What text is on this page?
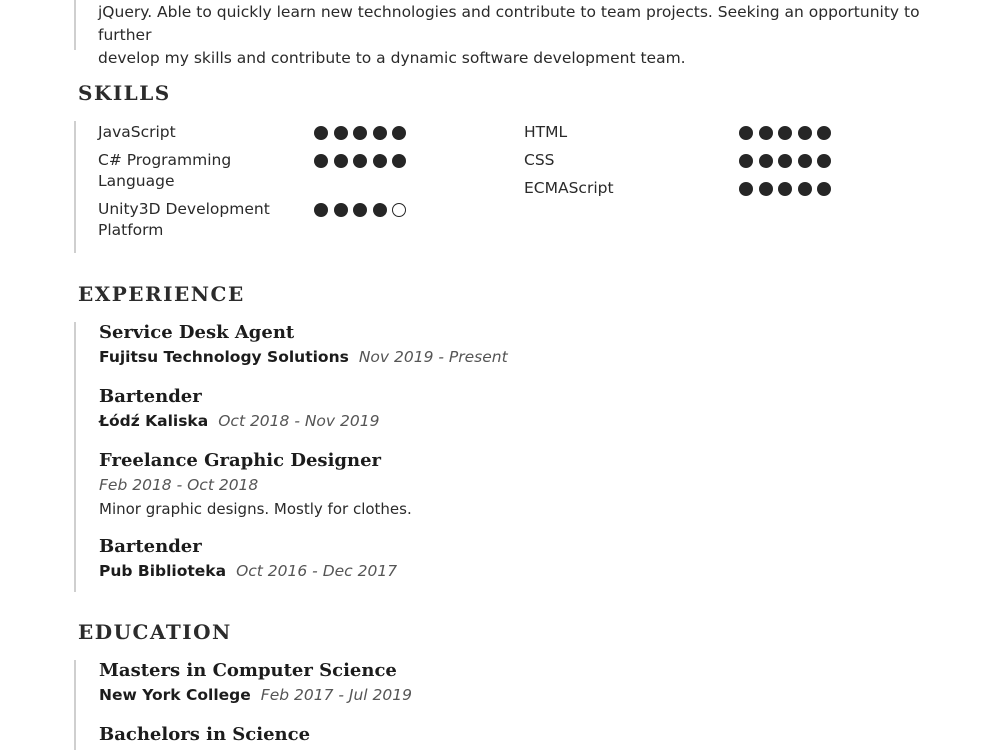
jQuery. Able to quickly learn new technologies and contribute to team projects. Seeking an opportunity to further
develop my skills and contribute to a dynamic software development team.
SKILLS
JavaScript
C# Programming Language
Unity3D Development Platform
HTML
CSS
ECMAScript
EXPERIENCE
Service Desk Agent
Fujitsu Technology Solutions Nov 2019 - Present
Bartender
Łódź Kaliska Oct 2018 - Nov 2019
Freelance Graphic Designer
Feb 2018 - Oct 2018
Minor graphic designs. Mostly for clothes.
Bartender
Pub Biblioteka Oct 2016 - Dec 2017
EDUCATION
Masters in Computer Science
New York College Feb 2017 - Jul 2019
Bachelors in Science
